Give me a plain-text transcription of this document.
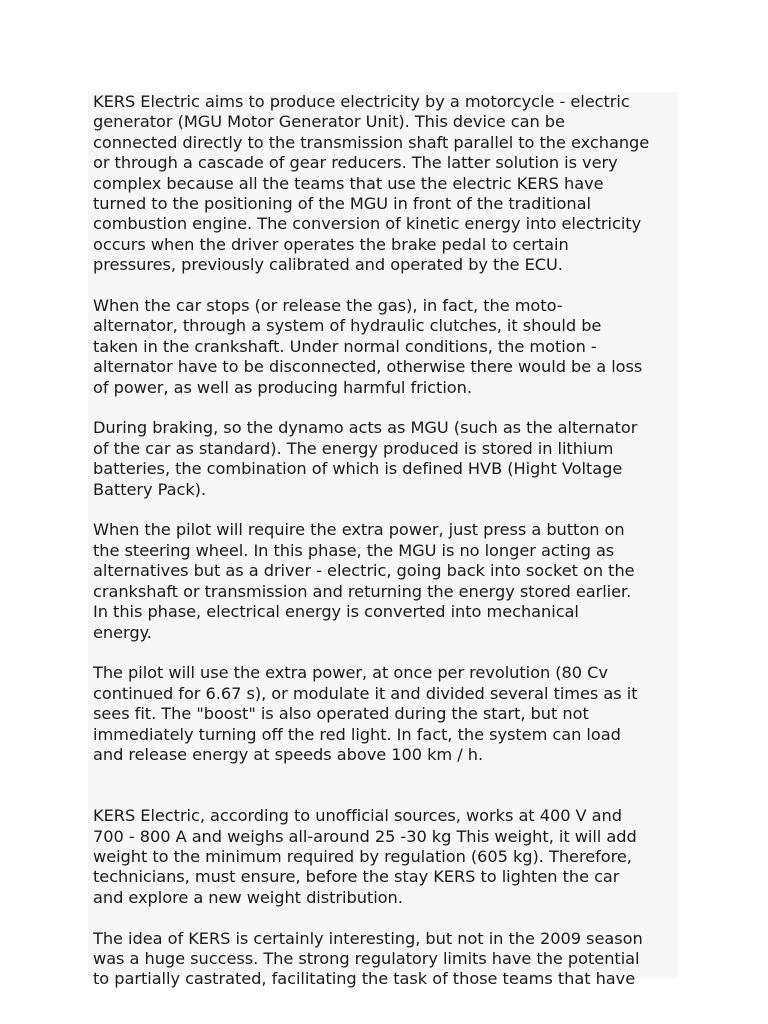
KERS Electric aims to produce electricity by a motorcycle - electric
generator (MGU Motor Generator Unit). This device can be
connected directly to the transmission shaft parallel to the exchange
or through a cascade of gear reducers. The latter solution is very
complex because all the teams that use the electric KERS have
turned to the positioning of the MGU in front of the traditional
combustion engine. The conversion of kinetic energy into electricity
occurs when the driver operates the brake pedal to certain
pressures, previously calibrated and operated by the ECU.

When the car stops (or release the gas), in fact, the moto-
alternator, through a system of hydraulic clutches, it should be
taken in the crankshaft. Under normal conditions, the motion -
alternator have to be disconnected, otherwise there would be a loss
of power, as well as producing harmful friction.

During braking, so the dynamo acts as MGU (such as the alternator
of the car as standard). The energy produced is stored in lithium
batteries, the combination of which is defined HVB (Hight Voltage
Battery Pack).

When the pilot will require the extra power, just press a button on
the steering wheel. In this phase, the MGU is no longer acting as
alternatives but as a driver - electric, going back into socket on the
crankshaft or transmission and returning the energy stored earlier.
In this phase, electrical energy is converted into mechanical
energy.

The pilot will use the extra power, at once per revolution (80 Cv
continued for 6.67 s), or modulate it and divided several times as it
sees fit. The "boost" is also operated during the start, but not
immediately turning off the red light. In fact, the system can load
and release energy at speeds above 100 km / h.

KERS Electric, according to unofficial sources, works at 400 V and
700 - 800 A and weighs all-around 25 -30 kg This weight, it will add
weight to the minimum required by regulation (605 kg). Therefore,
technicians, must ensure, before the stay KERS to lighten the car
and explore a new weight distribution.

The idea of KERS is certainly interesting, but not in the 2009 season
was a huge success. The strong regulatory limits have the potential
to partially castrated, facilitating the task of those teams that have
